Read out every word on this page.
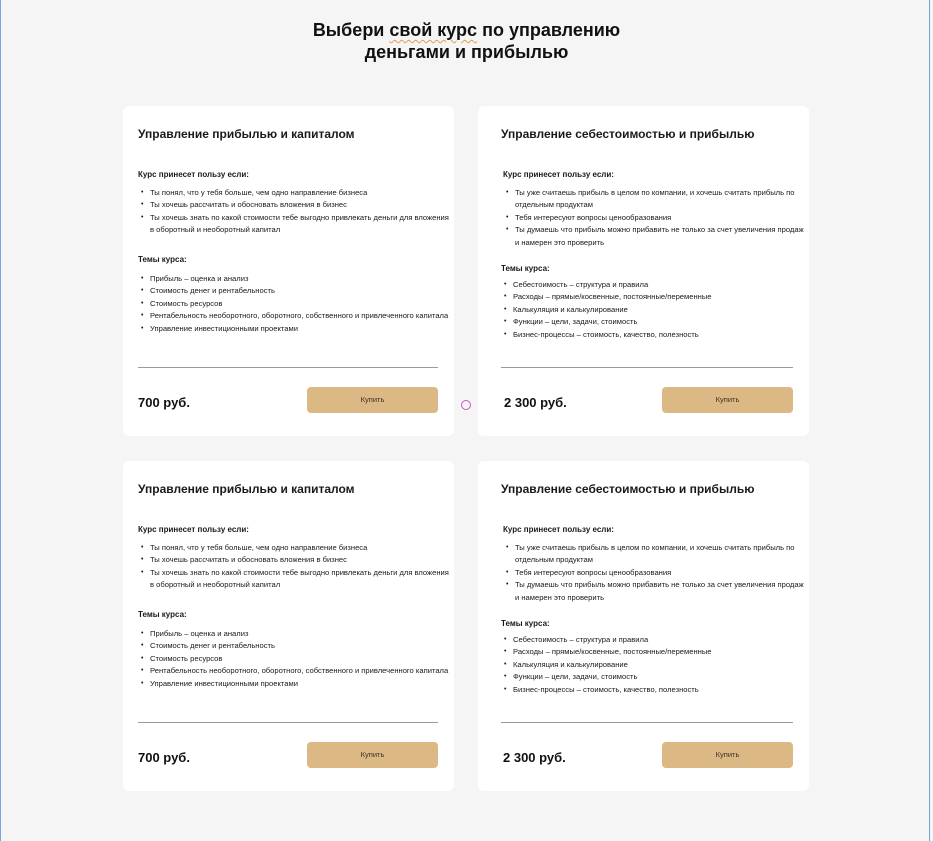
Выбери свой курс по управлению
деньгами и прибылью
Управление прибылью и капиталом
Курс принесет пользу если:
• Ты понял, что у тебя больше, чем одно направление бизнеса
• Ты хочешь рассчитать и обосновать вложения в бизнес
• Ты хочешь знать по какой стоимости тебе выгодно привлекать деньги для вложения в оборотный и необоротный капитал
Темы курса:
• Прибыль – оценка и анализ
• Стоимость денег и рентабельность
• Стоимость ресурсов
• Рентабельность необоротного, оборотного, собственного и привлеченного капитала
• Управление инвестиционными проектами
700 руб.	Купить
Управление себестоимостью и прибылью
Курс принесет пользу если:
• Ты уже считаешь прибыль в целом по компании, и хочешь считать прибыль по отдельным продуктам
• Тебя интересуют вопросы ценообразования
• Ты думаешь что прибыль можно прибавить не только за счет увеличения продаж и намерен это проверить
Темы курса:
• Себестоимость – структура и правила
• Расходы – прямые/косвенные, постоянные/переменные
• Калькуляция и калькулирование
• Функции – цели, задачи, стоимость
• Бизнес-процессы – стоимость, качество, полезность
2 300 руб.	Купить
Управление прибылью и капиталом
Курс принесет пользу если:
• Ты понял, что у тебя больше, чем одно направление бизнеса
• Ты хочешь рассчитать и обосновать вложения в бизнес
• Ты хочешь знать по какой стоимости тебе выгодно привлекать деньги для вложения в оборотный и необоротный капитал
Темы курса:
• Прибыль – оценка и анализ
• Стоимость денег и рентабельность
• Стоимость ресурсов
• Рентабельность необоротного, оборотного, собственного и привлеченного капитала
• Управление инвестиционными проектами
700 руб.	Купить
Управление себестоимостью и прибылью
Курс принесет пользу если:
• Ты уже считаешь прибыль в целом по компании, и хочешь считать прибыль по отдельным продуктам
• Тебя интересуют вопросы ценообразования
• Ты думаешь что прибыль можно прибавить не только за счет увеличения продаж и намерен это проверить
Темы курса:
• Себестоимость – структура и правила
• Расходы – прямые/косвенные, постоянные/переменные
• Калькуляция и калькулирование
• Функции – цели, задачи, стоимость
• Бизнес-процессы – стоимость, качество, полезность
2 300 руб.	Купить
